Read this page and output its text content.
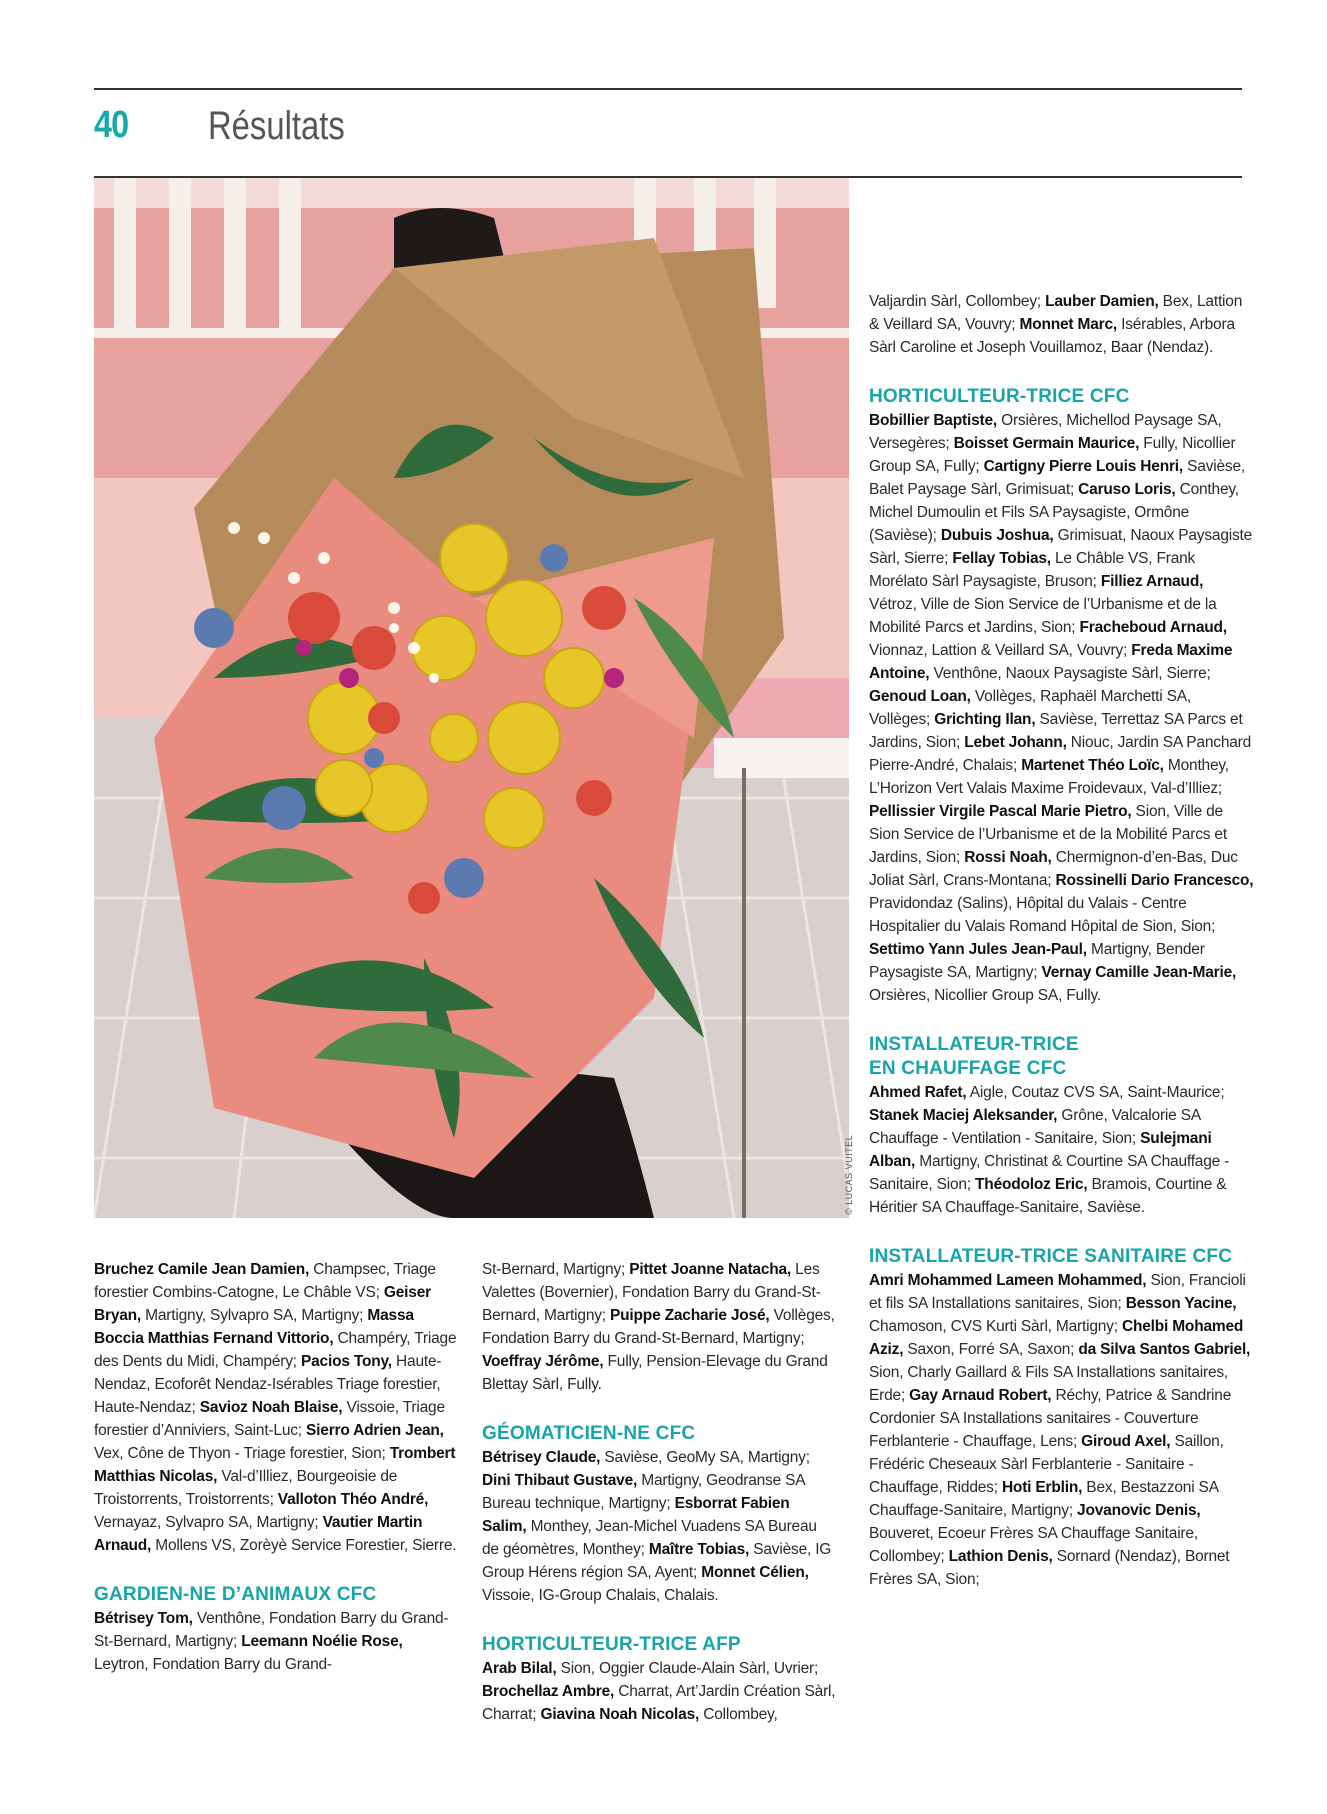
40 Résultats
© LUCAS VUITEL

Valjardin Sàrl, Collombey; Lauber Damien, Bex, Lattion & Veillard SA, Vouvry; Monnet Marc, Isérables, Arbora Sàrl Caroline et Joseph Vouillamoz, Baar (Nendaz).

HORTICULTEUR-TRICE CFC

Bobillier Baptiste, Orsières, Michellod Paysage SA, Versegères; Boisset Germain Maurice, Fully, Nicollier Group SA, Fully; Cartigny Pierre Louis Henri, Savièse, Balet Paysage Sàrl, Grimisuat; Caruso Loris, Conthey, Michel Dumoulin et Fils SA Paysagiste, Ormône (Savièse); Dubuis Joshua, Grimisuat, Naoux Paysagiste Sàrl, Sierre; Fellay Tobias, Le Châble VS, Frank Morélato Sàrl Paysagiste, Bruson; Filliez Arnaud, Vétroz, Ville de Sion Service de l’Urbanisme et de la Mobilité Parcs et Jardins, Sion; Fracheboud Arnaud, Vionnaz, Lattion & Veillard SA, Vouvry; Freda Maxime Antoine, Venthône, Naoux Paysagiste Sàrl, Sierre; Genoud Loan, Vollèges, Raphaël Marchetti SA, Vollèges; Grichting Ilan, Savièse, Terrettaz SA Parcs et Jardins, Sion; Lebet Johann, Niouc, Jardin SA Panchard Pierre-André, Chalais; Martenet Théo Loïc, Monthey, L’Horizon Vert Valais Maxime Froidevaux, Val-d’Illiez; Pellissier Virgile Pascal Marie Pietro, Sion, Ville de Sion Service de l’Urbanisme et de la Mobilité Parcs et Jardins, Sion; Rossi Noah, Chermignon-d’en-Bas, Duc Joliat Sàrl, Crans-Montana; Rossinelli Dario Francesco, Pravidondaz (Salins), Hôpital du Valais - Centre Hospitalier du Valais Romand Hôpital de Sion, Sion; Settimo Yann Jules Jean-Paul, Martigny, Bender Paysagiste SA, Martigny; Vernay Camille Jean-Marie, Orsières, Nicollier Group SA, Fully.

INSTALLATEUR-TRICE
EN CHAUFFAGE CFC

Ahmed Rafet, Aigle, Coutaz CVS SA, Saint-Maurice; Stanek Maciej Aleksander, Grône, Valcalorie SA Chauffage - Ventilation - Sanitaire, Sion; Sulejmani Alban, Martigny, Christinat & Courtine SA Chauffage - Sanitaire, Sion; Théodoloz Eric, Bramois, Courtine & Héritier SA Chauffage-Sanitaire, Savièse.

INSTALLATEUR-TRICE SANITAIRE CFC

Amri Mohammed Lameen Mohammed, Sion, Francioli et fils SA Installations sanitaires, Sion; Besson Yacine, Chamoson, CVS Kurti Sàrl, Martigny; Chelbi Mohamed Aziz, Saxon, Forré SA, Saxon; da Silva Santos Gabriel, Sion, Charly Gaillard & Fils SA Installations sanitaires, Erde; Gay Arnaud Robert, Réchy, Patrice & Sandrine Cordonier SA Installations sanitaires - Couverture Ferblanterie - Chauffage, Lens; Giroud Axel, Saillon, Frédéric Cheseaux Sàrl Ferblanterie - Sanitaire - Chauffage, Riddes; Hoti Erblin, Bex, Bestazzoni SA Chauffage-Sanitaire, Martigny; Jovanovic Denis, Bouveret, Ecoeur Frères SA Chauffage Sanitaire, Collombey; Lathion Denis, Sornard (Nendaz), Bornet Frères SA, Sion;

Bruchez Camile Jean Damien, Champsec, Triage forestier Combins-Catogne, Le Châble VS; Geiser Bryan, Martigny, Sylvapro SA, Martigny; Massa Boccia Matthias Fernand Vittorio, Champéry, Triage des Dents du Midi, Champéry; Pacios Tony, Haute-Nendaz, Ecoforêt Nendaz-Isérables Triage forestier, Haute-Nendaz; Savioz Noah Blaise, Vissoie, Triage forestier d’Anniviers, Saint-Luc; Sierro Adrien Jean, Vex, Cône de Thyon - Triage forestier, Sion; Trombert Matthias Nicolas, Val-d’Illiez, Bourgeoisie de Troistorrents, Troistorrents; Valloton Théo André, Vernayaz, Sylvapro SA, Martigny; Vautier Martin Arnaud, Mollens VS, Zorèyè Service Forestier, Sierre.

GARDIEN-NE D’ANIMAUX CFC

Bétrisey Tom, Venthône, Fondation Barry du Grand-St-Bernard, Martigny; Leemann Noélie Rose, Leytron, Fondation Barry du Grand-

St-Bernard, Martigny; Pittet Joanne Natacha, Les Valettes (Bovernier), Fondation Barry du Grand-St-Bernard, Martigny; Puippe Zacharie José, Vollèges, Fondation Barry du Grand-St-Bernard, Martigny; Voeffray Jérôme, Fully, Pension-Elevage du Grand Blettay Sàrl, Fully.

GÉOMATICIEN-NE CFC

Bétrisey Claude, Savièse, GeoMy SA, Martigny; Dini Thibaut Gustave, Martigny, Geodranse SA Bureau technique, Martigny; Esborrat Fabien Salim, Monthey, Jean-Michel Vuadens SA Bureau de géomètres, Monthey; Maître Tobias, Savièse, IG Group Hérens région SA, Ayent; Monnet Célien, Vissoie, IG-Group Chalais, Chalais.

HORTICULTEUR-TRICE AFP

Arab Bilal, Sion, Oggier Claude-Alain Sàrl, Uvrier; Brochellaz Ambre, Charrat, Art’Jardin Création Sàrl, Charrat; Giavina Noah Nicolas, Collombey,
